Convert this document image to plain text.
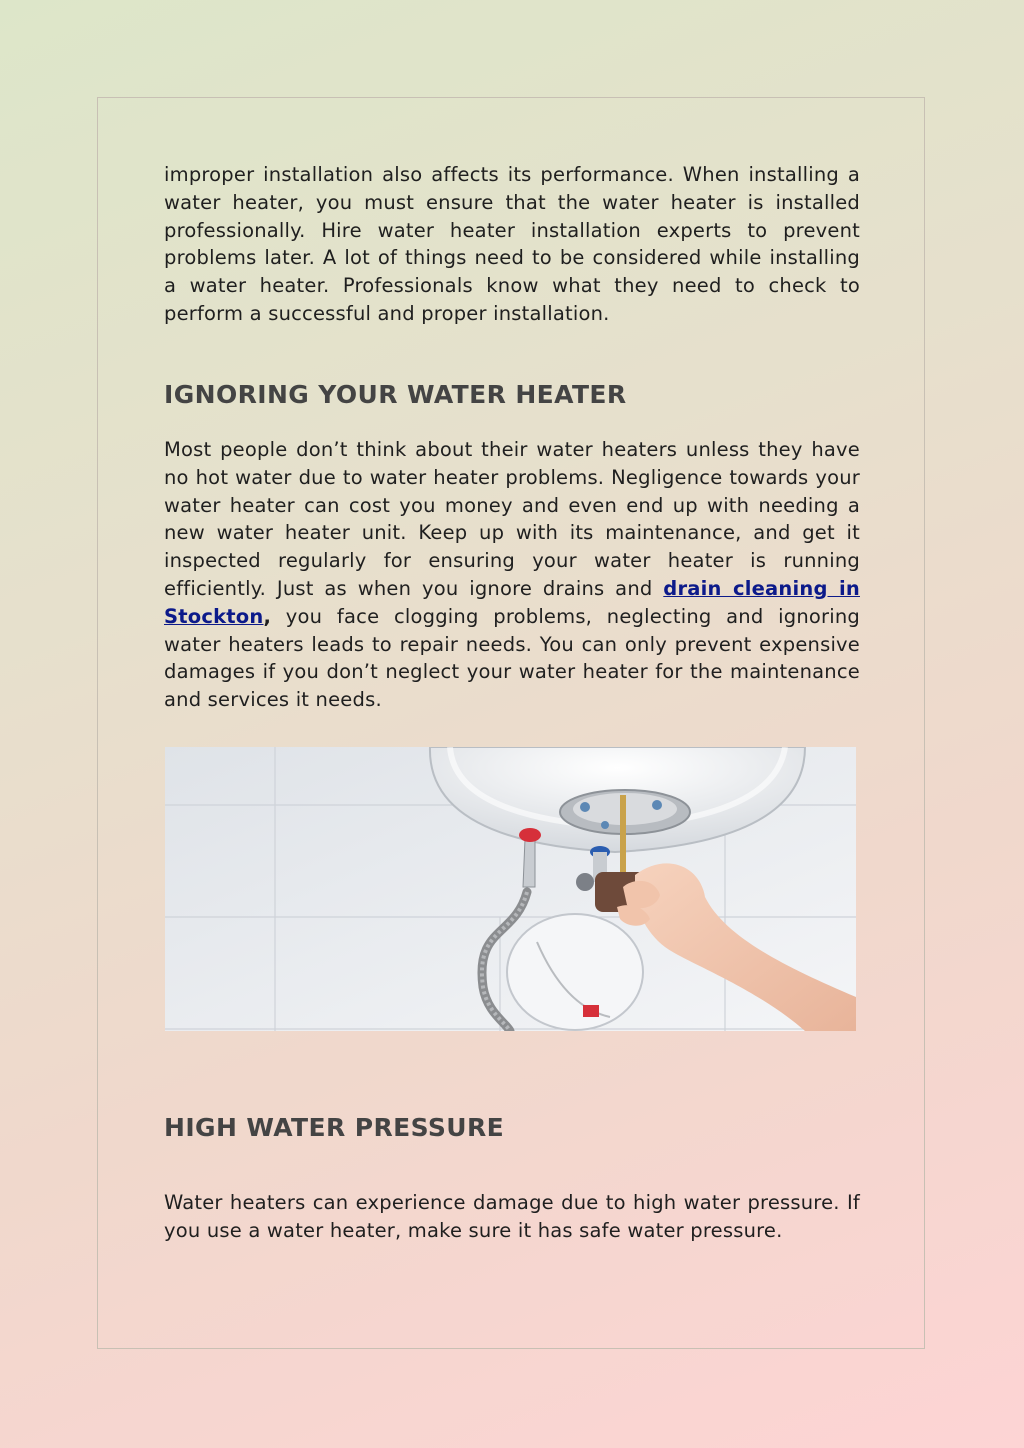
improper installation also affects its performance. When installing a water heater, you must ensure that the water heater is installed professionally. Hire water heater installation experts to prevent problems later. A lot of things need to be considered while installing a water heater. Professionals know what they need to check to perform a successful and proper installation.

IGNORING YOUR WATER HEATER

Most people don’t think about their water heaters unless they have no hot water due to water heater problems. Negligence towards your water heater can cost you money and even end up with needing a new water heater unit. Keep up with its maintenance, and get it inspected regularly for ensuring your water heater is running efficiently. Just as when you ignore drains and drain cleaning in Stockton, you face clogging problems, neglecting and ignoring water heaters leads to repair needs. You can only prevent expensive damages if you don’t neglect your water heater for the maintenance and services it needs.

HIGH WATER PRESSURE

Water heaters can experience damage due to high water pressure. If you use a water heater, make sure it has safe water pressure.
